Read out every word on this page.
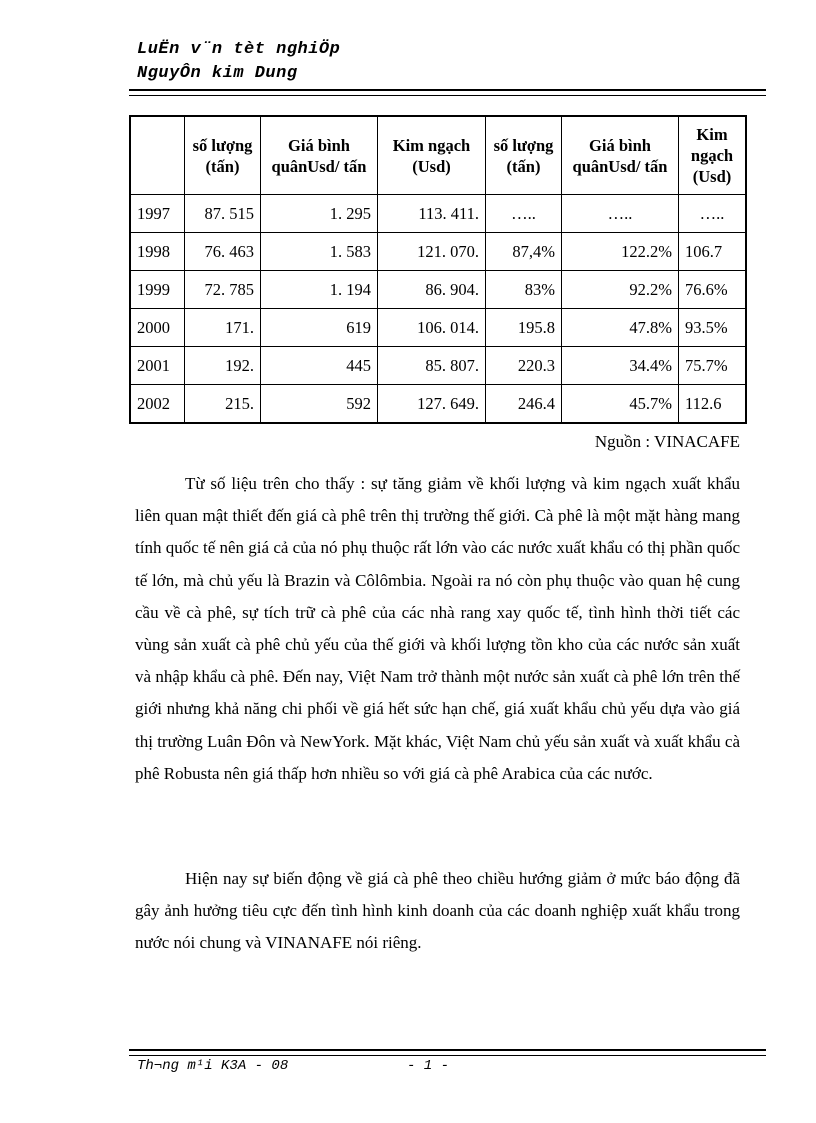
LuËn v¨n tèt nghiÖp
NguyÔn kim Dung
	số lượng (tấn)	Giá bình quânUsd/ tấn	Kim ngạch (Usd)	số lượng (tấn)	Giá bình quânUsd/ tấn	Kim ngạch (Usd)
1997	87. 515	1. 295	113. 411.	…..	…..	…..
1998	76. 463	1. 583	121. 070.	87,4%	122.2%	106.7
1999	72. 785	1. 194	86. 904.	83%	92.2%	76.6%
2000	171.	619	106. 014.	195.8	47.8%	93.5%
2001	192.	445	85. 807.	220.3	34.4%	75.7%
2002	215.	592	127. 649.	246.4	45.7%	112.6
Nguồn : VINACAFE

Từ số liệu trên cho thấy : sự tăng giảm về khối lượng và kim ngạch xuất khẩu liên quan mật thiết đến giá cà phê trên thị trường thế giới. Cà phê là một mặt hàng mang tính quốc tế nên giá cả của nó phụ thuộc rất lớn vào các nước xuất khẩu có thị phần quốc tế lớn, mà chủ yếu là Brazin và Côlômbia. Ngoài ra nó còn phụ thuộc vào quan hệ cung cầu về cà phê, sự tích trữ cà phê của các nhà rang xay quốc tế, tình hình thời tiết các vùng sản xuất cà phê chủ yếu của thế giới và khối lượng tồn kho của các nước sản xuất và nhập khẩu cà phê. Đến nay, Việt Nam trở thành một nước sản xuất cà phê lớn trên thế giới nhưng khả năng chi phối về giá hết sức hạn chế, giá xuất khẩu chủ yếu dựa vào giá thị trường Luân Đôn và NewYork. Mặt khác, Việt Nam chủ yếu sản xuất và xuất khẩu cà phê Robusta nên giá thấp hơn nhiều so với giá cà phê Arabica của các nước.

Hiện nay sự biến động về giá cà phê theo chiều hướng giảm ở mức báo động đã gây ảnh hưởng tiêu cực đến tình hình kinh doanh của các doanh nghiệp xuất khẩu trong nước nói chung và VINANAFE nói riêng.

Th¬ng m¹i K3A - 08	- 1 -
